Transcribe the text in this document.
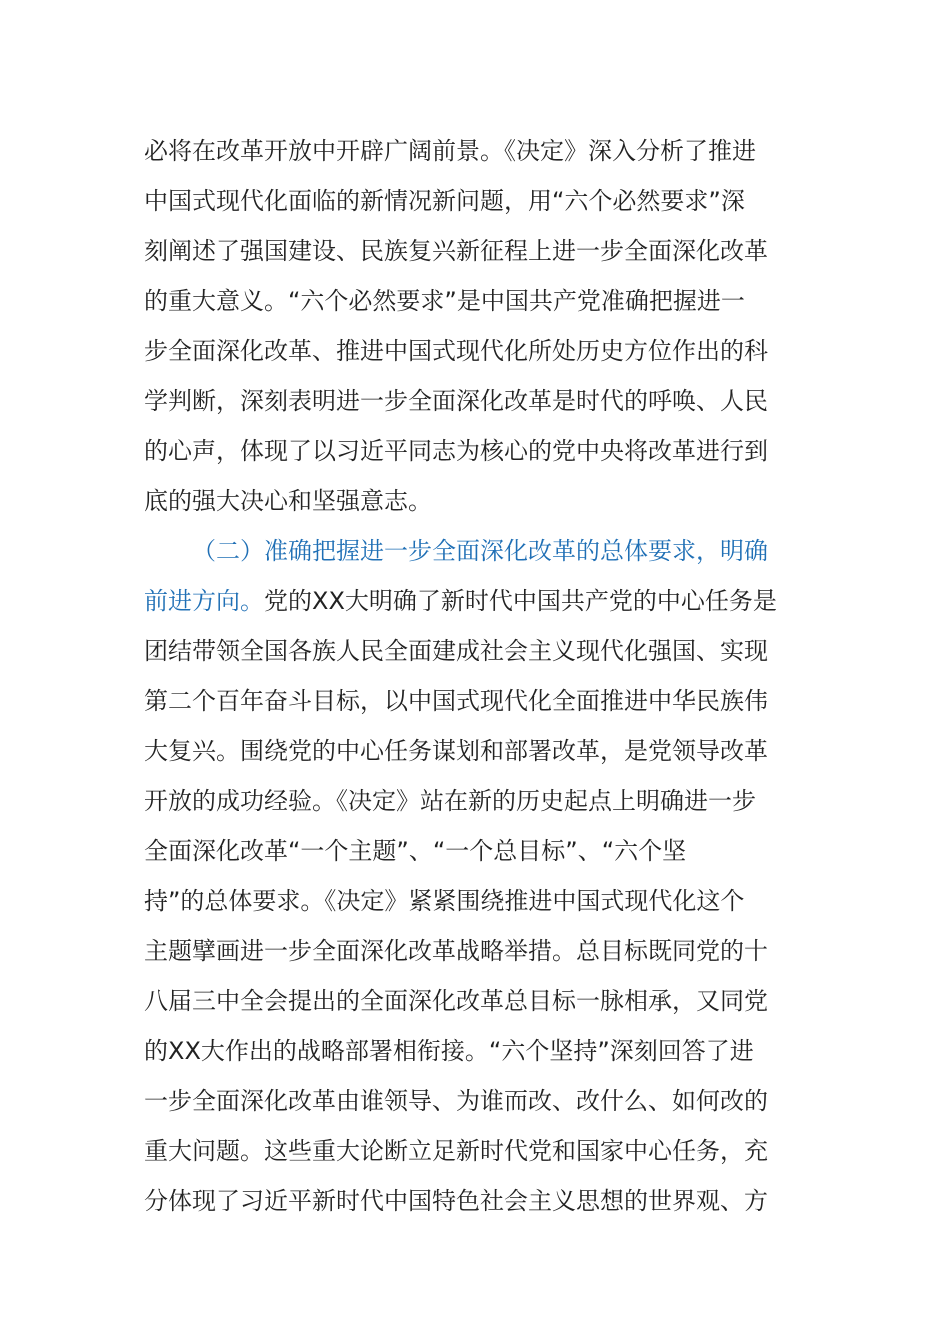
必将在改革开放中开辟广阔前景。《决定》深入分析了推进
中国式现代化面临的新情况新问题，用“六个必然要求”深
刻阐述了强国建设、民族复兴新征程上进一步全面深化改革
的重大意义。“六个必然要求”是中国共产党准确把握进一
步全面深化改革、推进中国式现代化所处历史方位作出的科
学判断，深刻表明进一步全面深化改革是时代的呼唤、人民
的心声，体现了以习近平同志为核心的党中央将改革进行到
底的强大决心和坚强意志。
（二）准确把握进一步全面深化改革的总体要求，明确
前进方向。党的XX大明确了新时代中国共产党的中心任务是
团结带领全国各族人民全面建成社会主义现代化强国、实现
第二个百年奋斗目标，以中国式现代化全面推进中华民族伟
大复兴。围绕党的中心任务谋划和部署改革，是党领导改革
开放的成功经验。《决定》站在新的历史起点上明确进一步
全面深化改革“一个主题”、“一个总目标”、“六个坚
持”的总体要求。《决定》紧紧围绕推进中国式现代化这个
主题擘画进一步全面深化改革战略举措。总目标既同党的十
八届三中全会提出的全面深化改革总目标一脉相承，又同党
的XX大作出的战略部署相衔接。“六个坚持”深刻回答了进
一步全面深化改革由谁领导、为谁而改、改什么、如何改的
重大问题。这些重大论断立足新时代党和国家中心任务，充
分体现了习近平新时代中国特色社会主义思想的世界观、方
